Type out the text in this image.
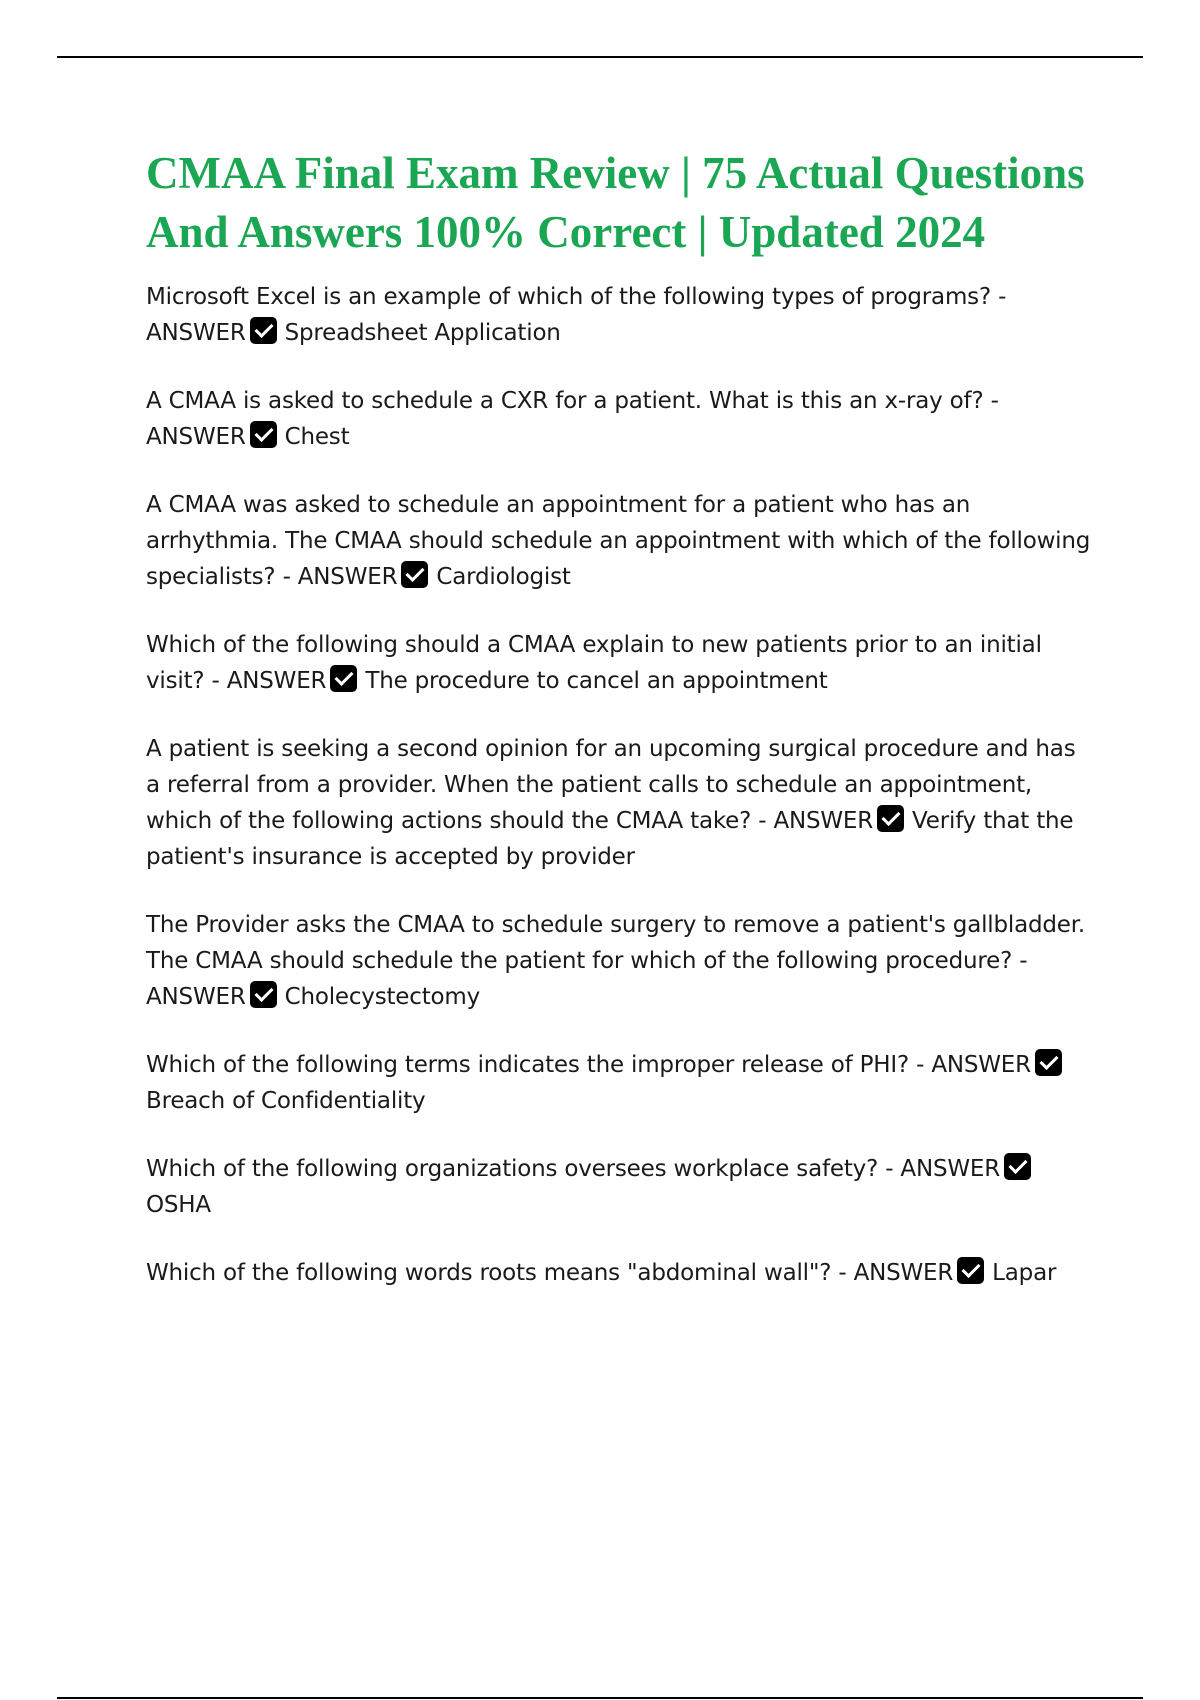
CMAA Final Exam Review | 75 Actual Questions And Answers 100% Correct | Updated 2024

Microsoft Excel is an example of which of the following types of programs? - ANSWER Spreadsheet Application

A CMAA is asked to schedule a CXR for a patient. What is this an x-ray of? - ANSWER Chest

A CMAA was asked to schedule an appointment for a patient who has an arrhythmia. The CMAA should schedule an appointment with which of the following specialists? - ANSWER Cardiologist

Which of the following should a CMAA explain to new patients prior to an initial visit? - ANSWER The procedure to cancel an appointment

A patient is seeking a second opinion for an upcoming surgical procedure and has a referral from a provider. When the patient calls to schedule an appointment, which of the following actions should the CMAA take? - ANSWER Verify that the patient's insurance is accepted by provider

The Provider asks the CMAA to schedule surgery to remove a patient's gallbladder. The CMAA should schedule the patient for which of the following procedure? - ANSWER Cholecystectomy

Which of the following terms indicates the improper release of PHI? - ANSWERBreach of Confidentiality

Which of the following organizations oversees workplace safety? - ANSWEROSHA

Which of the following words roots means "abdominal wall"? - ANSWER Lapar
